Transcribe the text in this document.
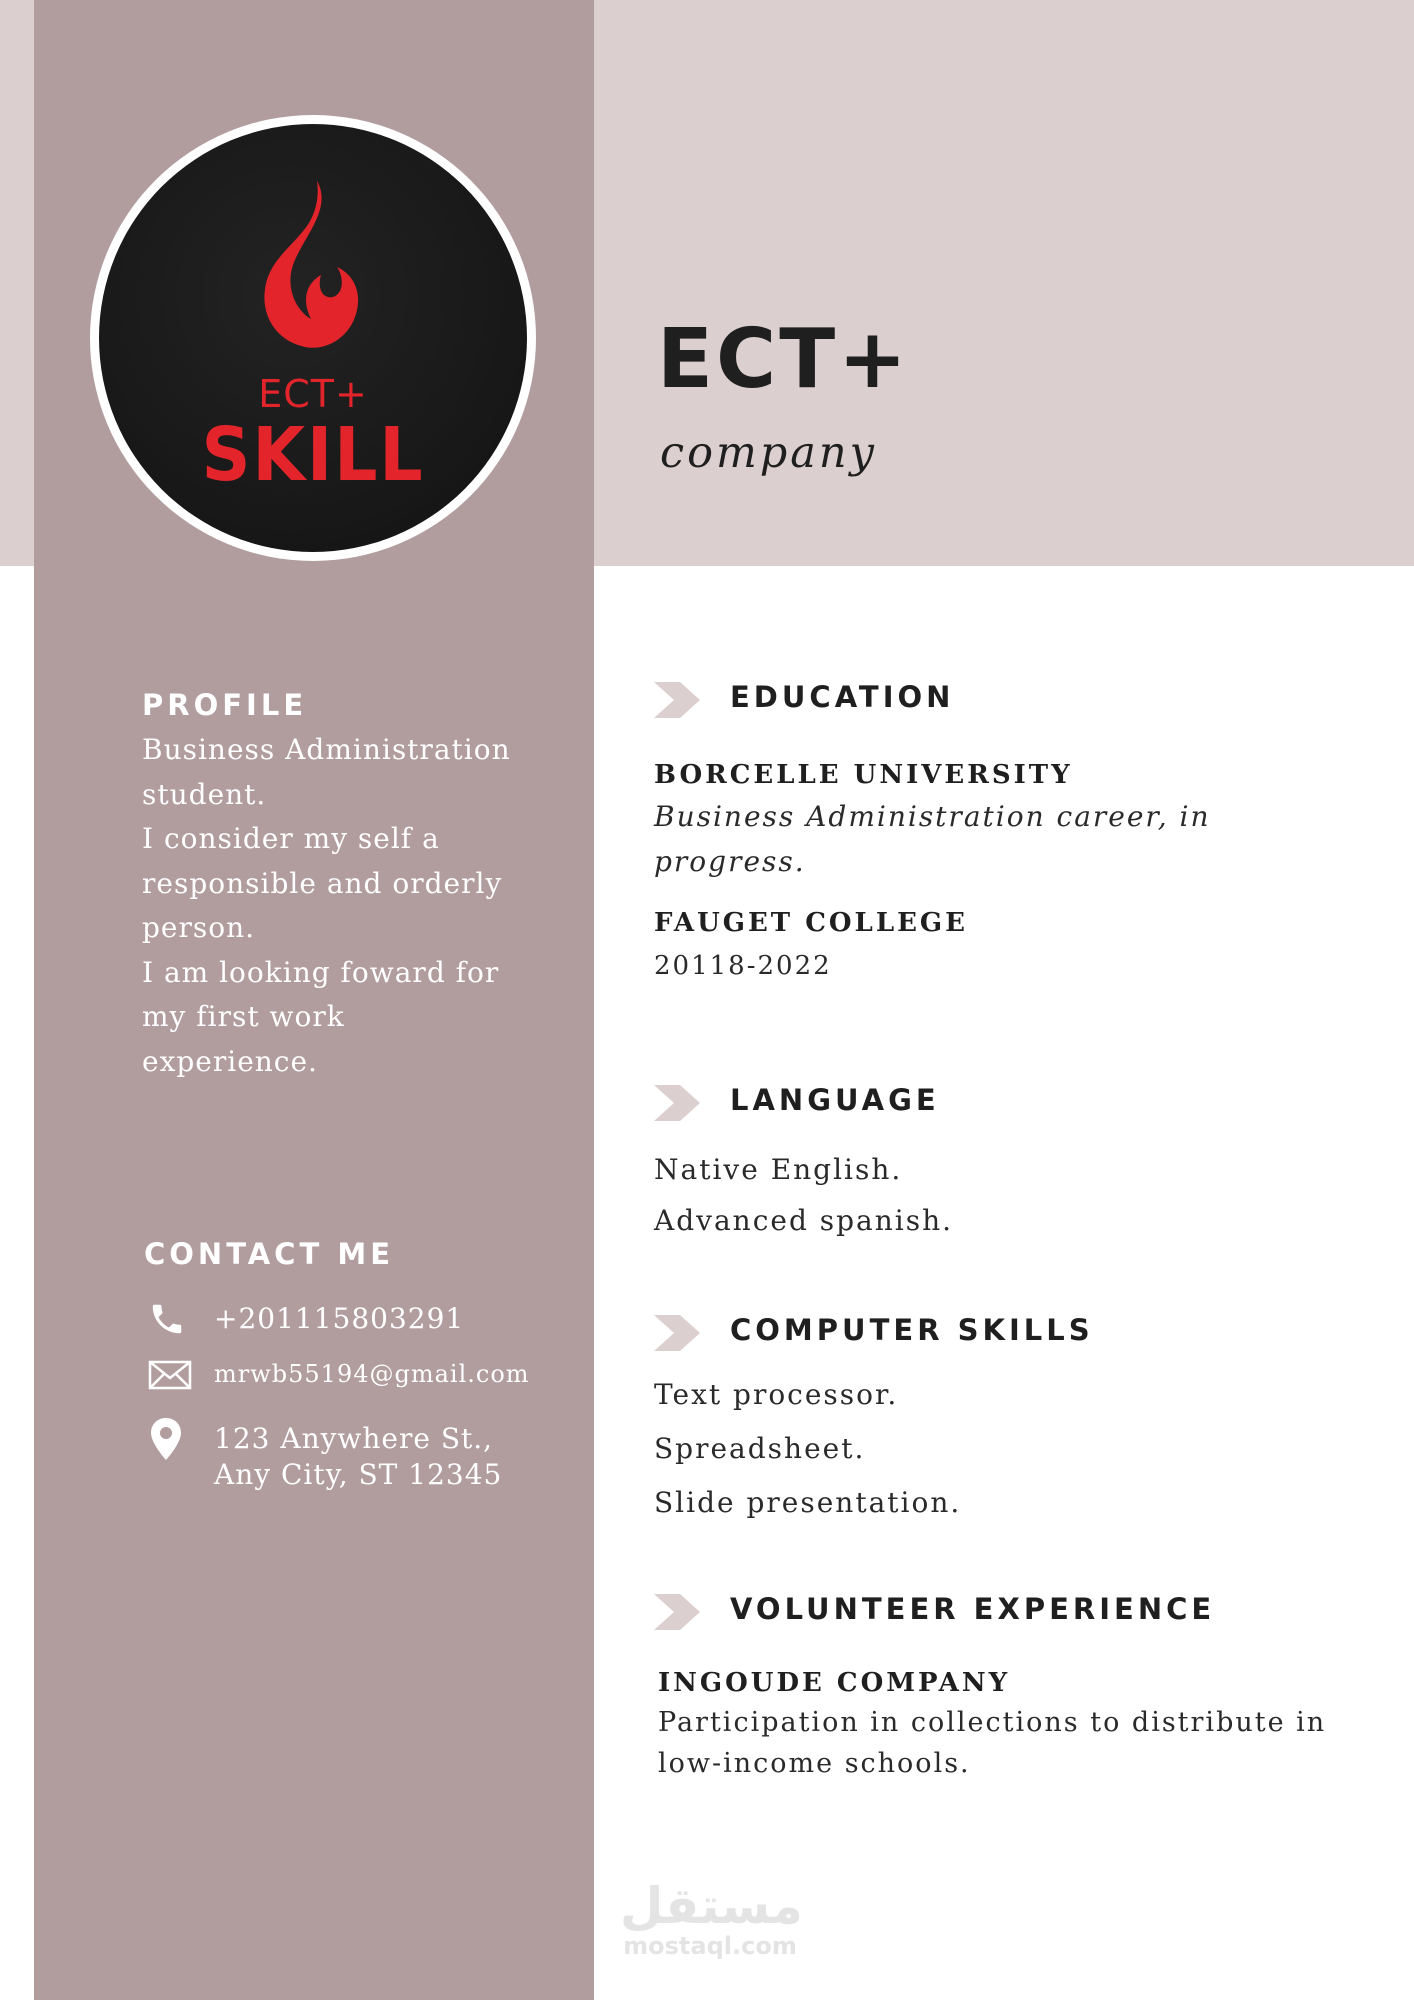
ECT+
SKILL
ECT+
company
PROFILE
Business Administration
student.
I consider my self a
responsible and orderly
person.
I am looking foward for
my first work
experience.
CONTACT ME
+201115803291
mrwb55194@gmail.com
123 Anywhere St.,
Any City, ST 12345
EDUCATION
BORCELLE UNIVERSITY
Business Administration career, in
progress.
FAUGET COLLEGE
20118-2022
LANGUAGE
Native English.
Advanced spanish.
COMPUTER SKILLS
Text processor.
Spreadsheet.
Slide presentation.
VOLUNTEER EXPERIENCE
INGOUDE COMPANY
Participation in collections to distribute in
low-income schools.
مستقل
mostaql.com
